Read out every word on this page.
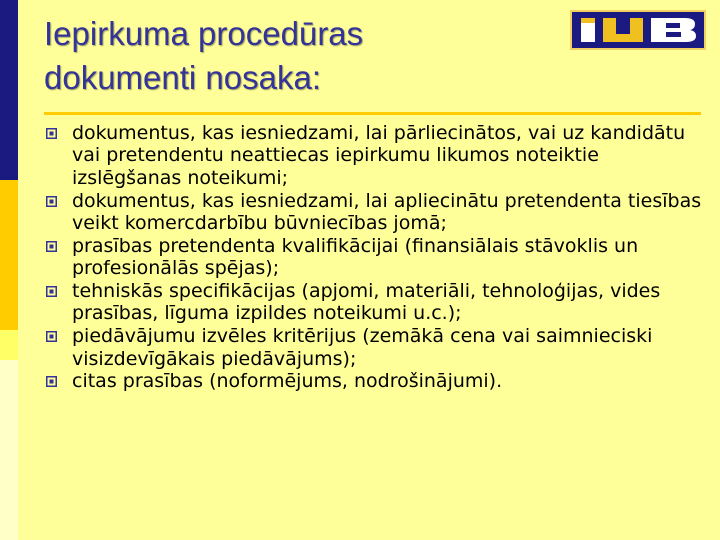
Iepirkuma procedūras
dokumenti nosaka:
dokumentus, kas iesniedzami, lai pārliecinātos, vai uz kandidātu vai pretendentu neattiecas iepirkumu likumos noteiktie izslēgšanas noteikumi;
dokumentus, kas iesniedzami, lai apliecinātu pretendenta tiesības veikt komercdarbību būvniecības jomā;
prasības pretendenta kvalifikācijai (finansiālais stāvoklis un profesionālās spējas);
tehniskās specifikācijas (apjomi, materiāli, tehnoloģijas, vides prasības, līguma izpildes noteikumi u.c.);
piedāvājumu izvēles kritērijus (zemākā cena vai saimnieciski visizdevīgākais piedāvājums);
citas prasības (noformējums, nodrošinājumi).
